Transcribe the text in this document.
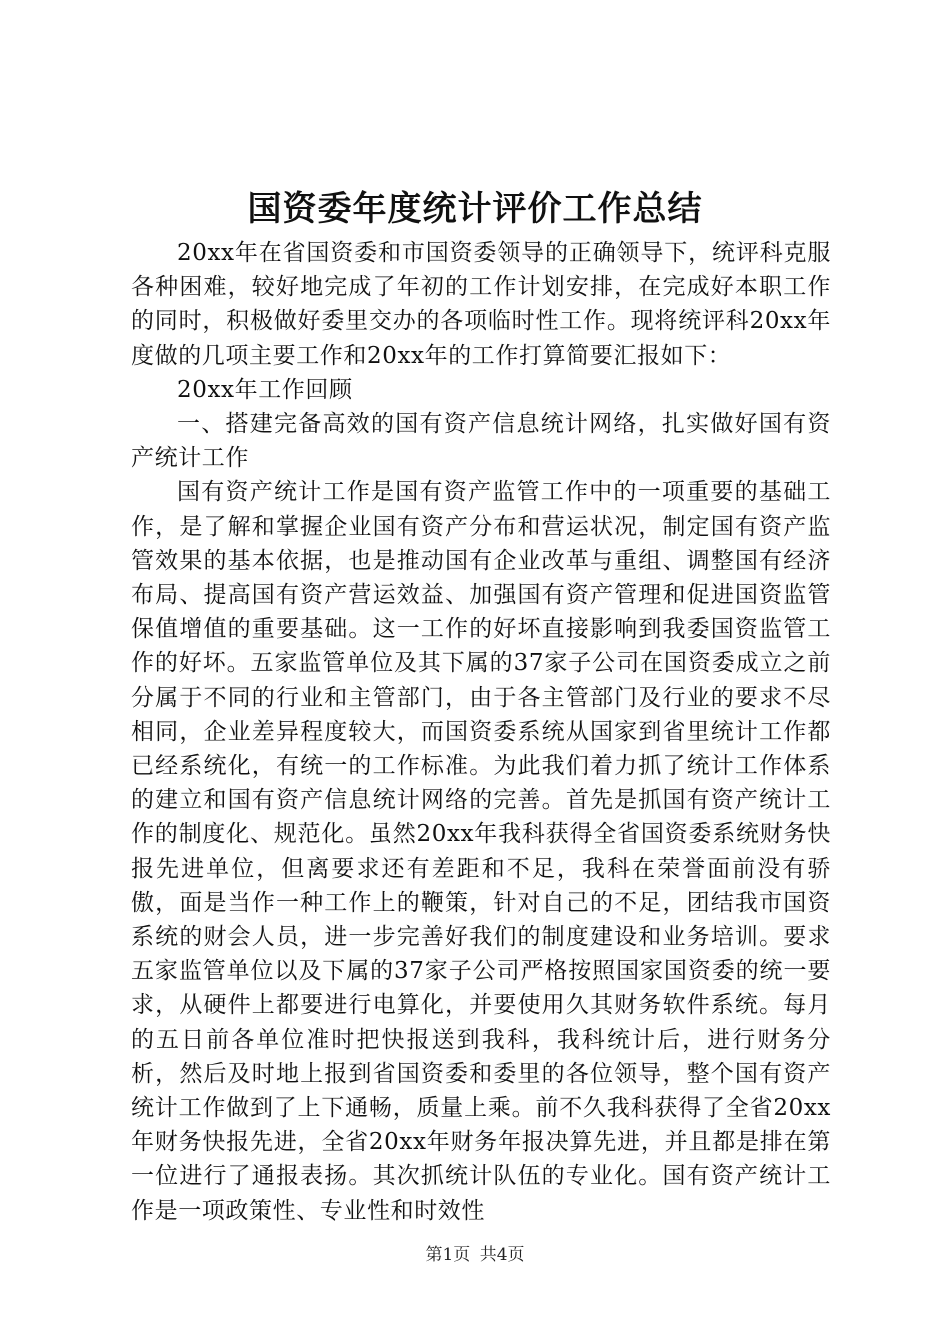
国资委年度统计评价工作总结

20xx年在省国资委和市国资委领导的正确领导下，统评科克服各种困难，较好地完成了年初的工作计划安排，在完成好本职工作的同时，积极做好委里交办的各项临时性工作。现将统评科20xx年度做的几项主要工作和20xx年的工作打算简要汇报如下：

20xx年工作回顾

一、搭建完备高效的国有资产信息统计网络，扎实做好国有资产统计工作

国有资产统计工作是国有资产监管工作中的一项重要的基础工作，是了解和掌握企业国有资产分布和营运状况，制定国有资产监管效果的基本依据，也是推动国有企业改革与重组、调整国有经济布局、提高国有资产营运效益、加强国有资产管理和促进国资监管保值增值的重要基础。这一工作的好坏直接影响到我委国资监管工作的好坏。五家监管单位及其下属的37家子公司在国资委成立之前分属于不同的行业和主管部门，由于各主管部门及行业的要求不尽相同，企业差异程度较大，而国资委系统从国家到省里统计工作都已经系统化，有统一的工作标准。为此我们着力抓了统计工作体系的建立和国有资产信息统计网络的完善。首先是抓国有资产统计工作的制度化、规范化。虽然20xx年我科获得全省国资委系统财务快报先进单位，但离要求还有差距和不足，我科在荣誉面前没有骄傲，面是当作一种工作上的鞭策，针对自己的不足，团结我市国资系统的财会人员，进一步完善好我们的制度建设和业务培训。要求五家监管单位以及下属的37家子公司严格按照国家国资委的统一要求，从硬件上都要进行电算化，并要使用久其财务软件系统。每月的五日前各单位准时把快报送到我科，我科统计后，进行财务分析，然后及时地上报到省国资委和委里的各位领导，整个国有资产统计工作做到了上下通畅，质量上乘。前不久我科获得了全省20xx年财务快报先进，全省20xx年财务年报决算先进，并且都是排在第一位进行了通报表扬。其次抓统计队伍的专业化。国有资产统计工作是一项政策性、专业性和时效性

第1页 共4页
